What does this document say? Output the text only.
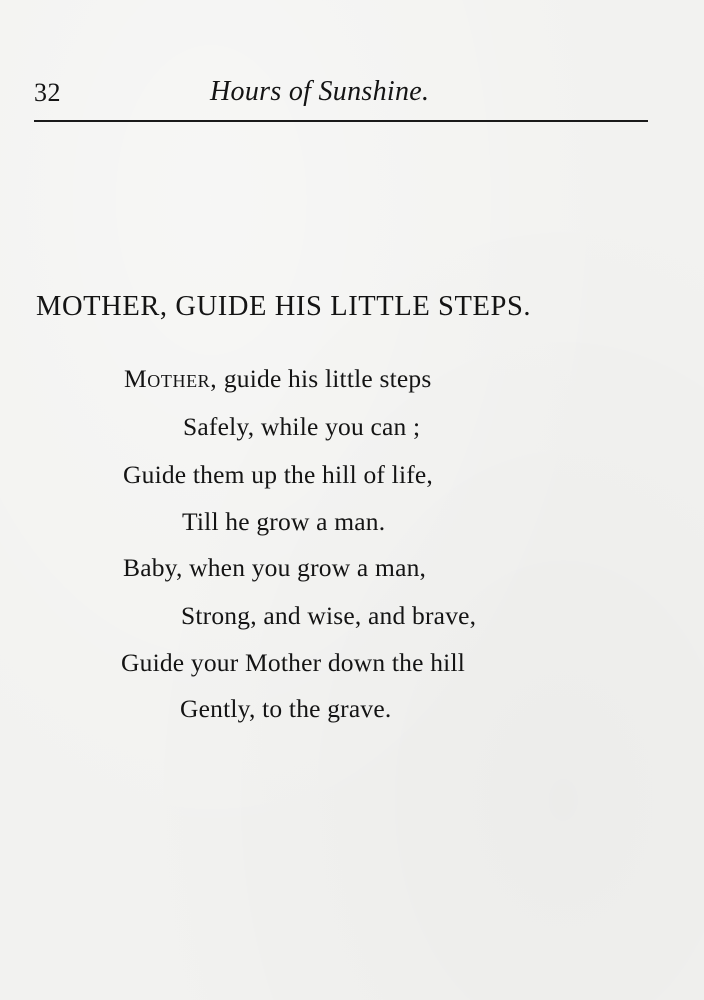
32	Hours of Sunshine.
MOTHER, GUIDE HIS LITTLE STEPS.
Mother, guide his little steps
Safely, while you can ;
Guide them up the hill of life,
Till he grow a man.
Baby, when you grow a man,
Strong, and wise, and brave,
Guide your Mother down the hill
Gently, to the grave.
